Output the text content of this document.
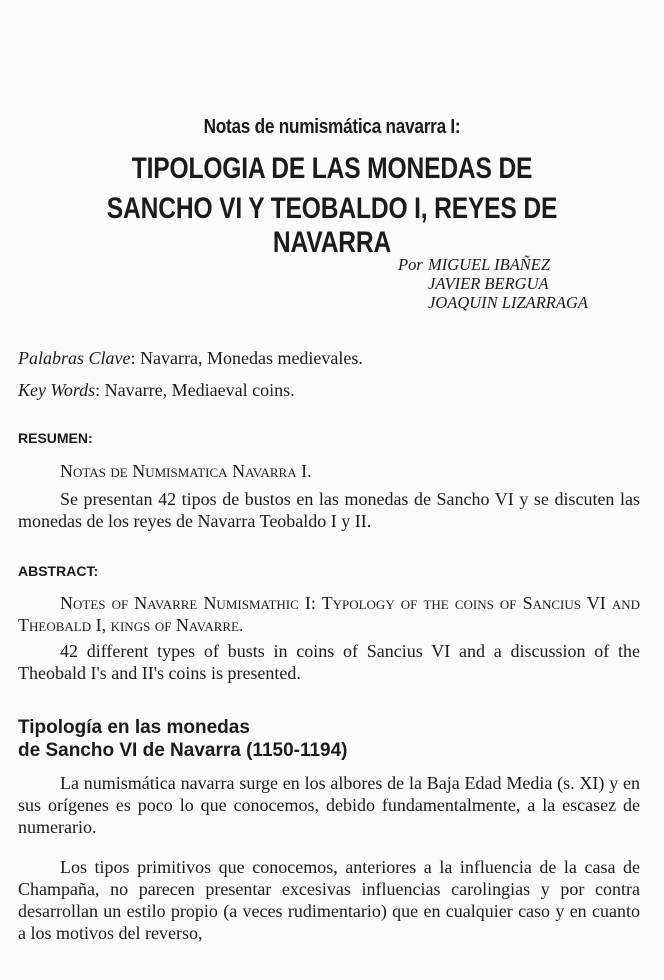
Notas de numismática navarra I:
TIPOLOGIA DE LAS MONEDAS DE
SANCHO VI Y TEOBALDO I, REYES DE NAVARRA
Por MIGUEL IBAÑEZ
JAVIER BERGUA
JOAQUIN LIZARRAGA
Palabras Clave: Navarra, Monedas medievales.
Key Words: Navarre, Mediaeval coins.
RESUMEN:
Notas de Numismatica Navarra I.
Se presentan 42 tipos de bustos en las monedas de Sancho VI y se discuten las monedas de los reyes de Navarra Teobaldo I y II.
ABSTRACT:
Notes of Navarre Numismathic I: Typology of the coins of Sancius VI and Theobald I, kings of Navarre.
42 different types of busts in coins of Sancius VI and a discussion of the Theobald I's and II's coins is presented.
Tipología en las monedas
de Sancho VI de Navarra (1150-1194)
La numismática navarra surge en los albores de la Baja Edad Media (s. XI) y en sus orígenes es poco lo que conocemos, debido fundamentalmente, a la escasez de numerario.
Los tipos primitivos que conocemos, anteriores a la influencia de la casa de Champaña, no parecen presentar excesivas influencias carolingias y por contra desarrollan un estilo propio (a veces rudimentario) que en cualquier caso y en cuanto a los motivos del reverso,
